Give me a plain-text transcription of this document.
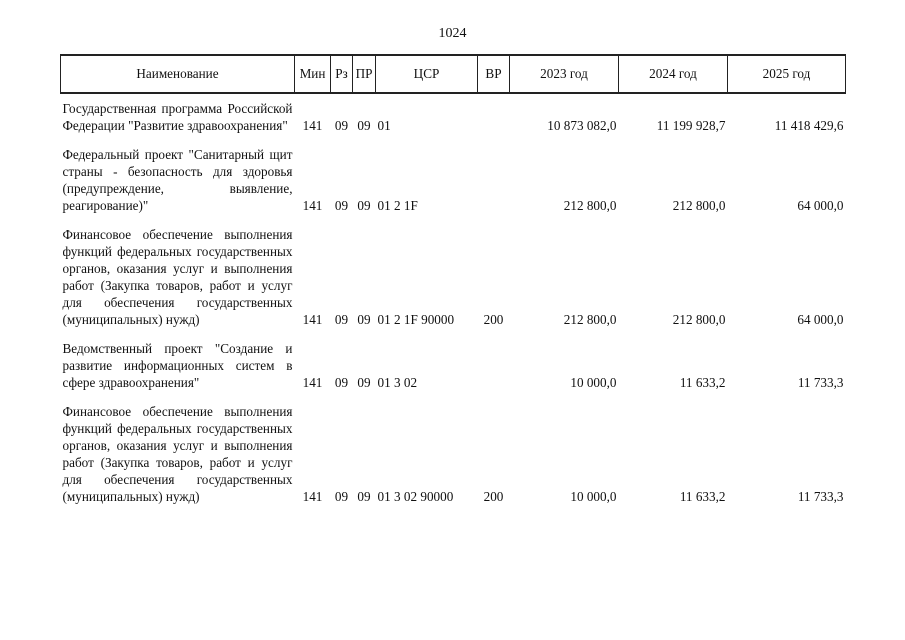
1024
Наименование	Мин	Рз	ПР	ЦСР	ВР	2023 год	2024 год	2025 год
Государственная программа Российской Федерации "Развитие здравоохранения"	141	09	09	01		10 873 082,0	11 199 928,7	11 418 429,6
Федеральный проект "Санитарный щит страны - безопасность для здоровья (предупреждение, выявление, реагирование)"	141	09	09	01 2 1F		212 800,0	212 800,0	64 000,0
Финансовое обеспечение выполнения функций федеральных государственных органов, оказания услуг и выполнения работ (Закупка товаров, работ и услуг для обеспечения государственных (муниципальных) нужд)	141	09	09	01 2 1F 90000	200	212 800,0	212 800,0	64 000,0
Ведомственный проект "Создание и развитие информационных систем в сфере здравоохранения"	141	09	09	01 3 02		10 000,0	11 633,2	11 733,3
Финансовое обеспечение выполнения функций федеральных государственных органов, оказания услуг и выполнения работ (Закупка товаров, работ и услуг для обеспечения государственных (муниципальных) нужд)	141	09	09	01 3 02 90000	200	10 000,0	11 633,2	11 733,3
